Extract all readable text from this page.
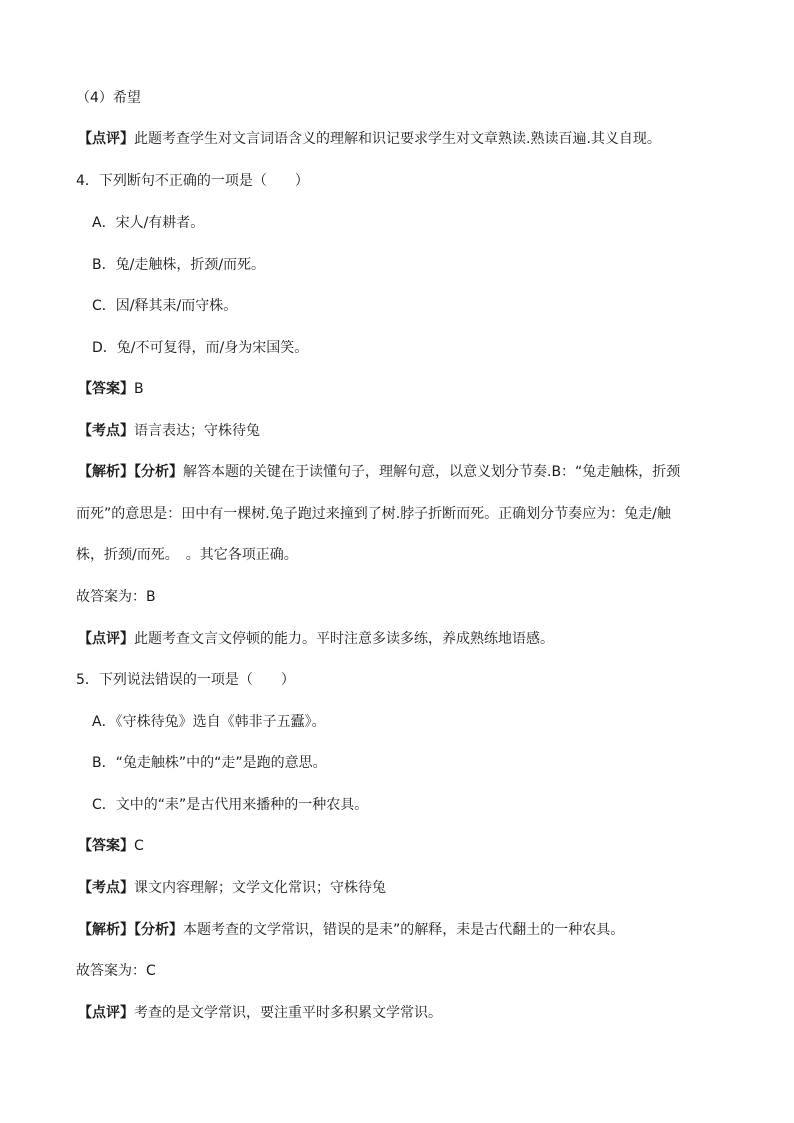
（4）希望
【点评】此题考查学生对文言词语含义的理解和识记要求学生对文章熟读.熟读百遍.其义自现。
4．下列断句不正确的一项是（　　）
A．宋人/有耕者。
B．兔/走触株，折颈/而死。
C．因/释其耒/而守株。
D．兔/不可复得，而/身为宋国笑。
【答案】B
【考点】语言表达；守株待兔
【解析】【分析】解答本题的关键在于读懂句子，理解句意，以意义划分节奏.B：“兔走触株，折颈
而死”的意思是：田中有一棵树.兔子跑过来撞到了树.脖子折断而死。正确划分节奏应为：兔走/触
株，折颈/而死。　。其它各项正确。
故答案为：B
【点评】此题考查文言文停顿的能力。平时注意多读多练，养成熟练地语感。
5．下列说法错误的一项是（　　）
A．《守株待兔》选自《韩非子五蠹》。
B．“兔走触株”中的“走”是跑的意思。
C．文中的“耒”是古代用来播种的一种农具。
【答案】C
【考点】课文内容理解；文学文化常识；守株待兔
【解析】【分析】本题考查的文学常识，错误的是耒”的解释，耒是古代翻土的一种农具。
故答案为：C
【点评】考查的是文学常识，要注重平时多积累文学常识。
